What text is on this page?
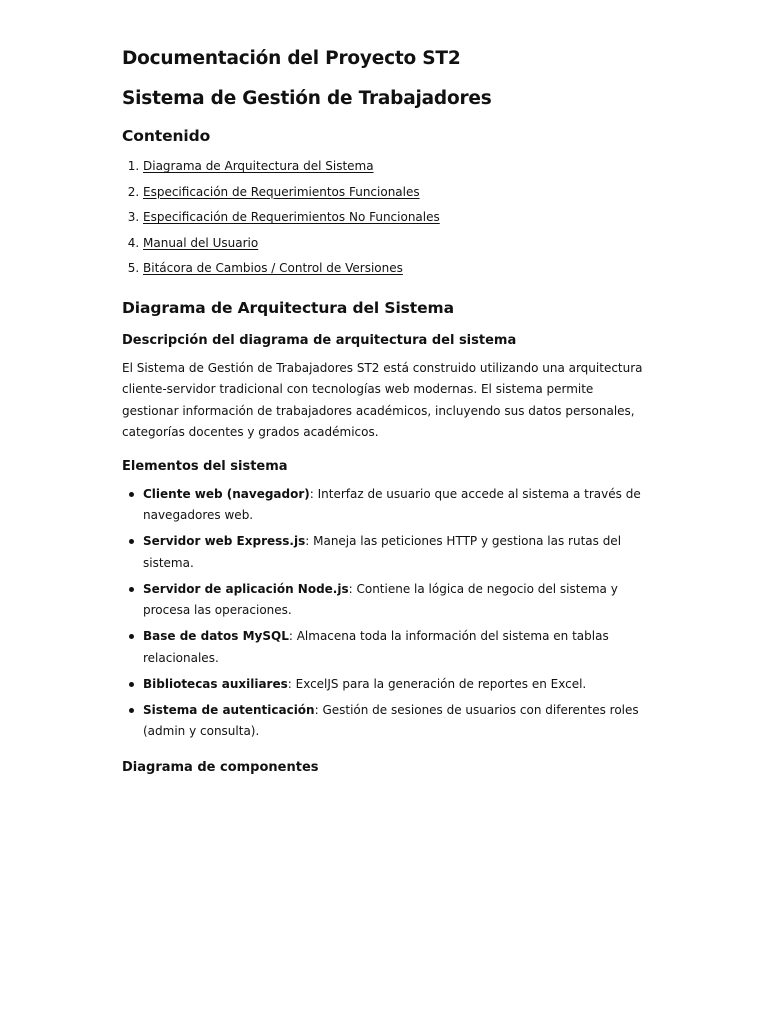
Documentación del Proyecto ST2
Sistema de Gestión de Trabajadores
Contenido
1. Diagrama de Arquitectura del Sistema
2. Especificación de Requerimientos Funcionales
3. Especificación de Requerimientos No Funcionales
4. Manual del Usuario
5. Bitácora de Cambios / Control de Versiones
Diagrama de Arquitectura del Sistema
Descripción del diagrama de arquitectura del sistema

El Sistema de Gestión de Trabajadores ST2 está construido utilizando una arquitectura cliente-servidor tradicional con tecnologías web modernas. El sistema permite gestionar información de trabajadores académicos, incluyendo sus datos personales, categorías docentes y grados académicos.

Elementos del sistema
Cliente web (navegador): Interfaz de usuario que accede al sistema a través de navegadores web.
Servidor web Express.js: Maneja las peticiones HTTP y gestiona las rutas del sistema.
Servidor de aplicación Node.js: Contiene la lógica de negocio del sistema y procesa las operaciones.
Base de datos MySQL: Almacena toda la información del sistema en tablas relacionales.
Bibliotecas auxiliares: ExcelJS para la generación de reportes en Excel.
Sistema de autenticación: Gestión de sesiones de usuarios con diferentes roles (admin y consulta).
Diagrama de componentes
